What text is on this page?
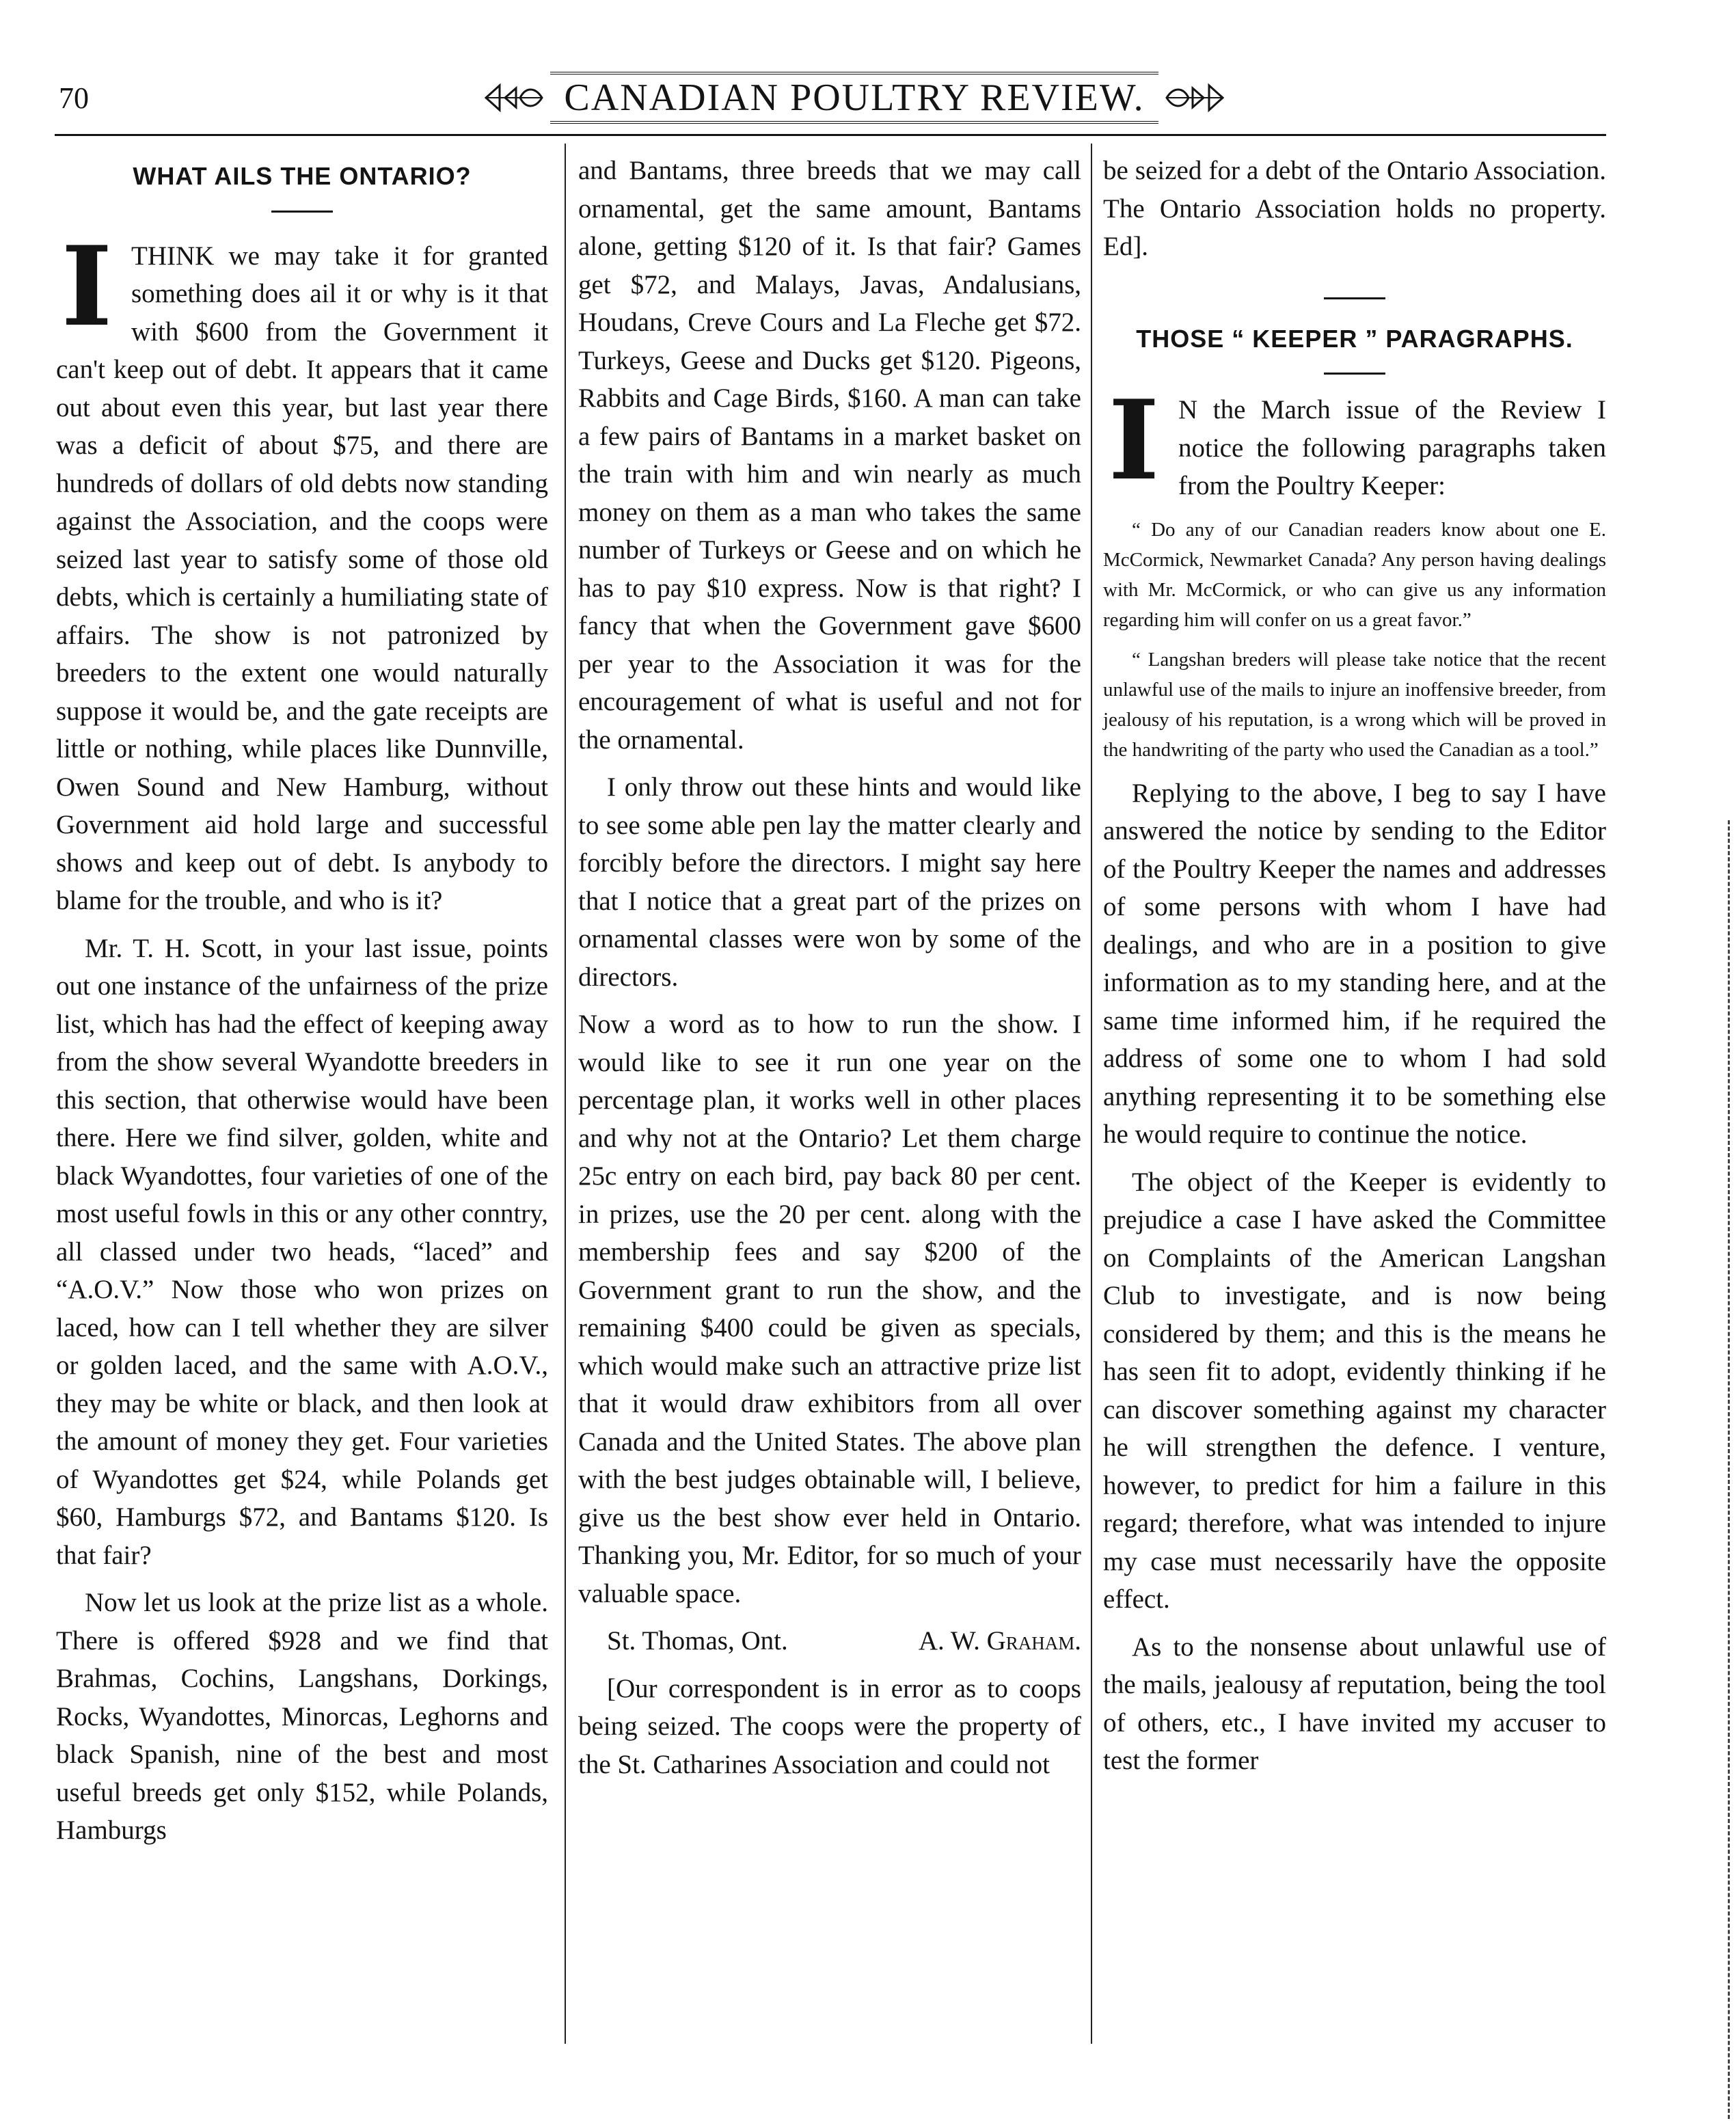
70	CANADIAN POULTRY REVIEW.
WHAT AILS THE ONTARIO?

I THINK we may take it for granted something does ail it or why is it that with $600 from the Government it can't keep out of debt. It appears that it came out about even this year, but last year there was a deficit of about $75, and there are hundreds of dollars of old debts now standing against the Association, and the coops were seized last year to satisfy some of those old debts, which is certainly a humiliating state of affairs. The show is not patronized by breeders to the extent one would naturally suppose it would be, and the gate receipts are little or nothing, while places like Dunnville, Owen Sound and New Hamburg, without Government aid hold large and successful shows and keep out of debt. Is anybody to blame for the trouble, and who is it?

Mr. T. H. Scott, in your last issue, points out one instance of the unfairness of the prize list, which has had the effect of keeping away from the show several Wyandotte breeders in this section, that otherwise would have been there. Here we find silver, golden, white and black Wyandottes, four varieties of one of the most useful fowls in this or any other conntry, all classed under two heads, “laced” and “A.O.V.” Now those who won prizes on laced, how can I tell whether they are silver or golden laced, and the same with A.O.V., they may be white or black, and then look at the amount of money they get. Four varieties of Wyandottes get $24, while Polands get $60, Hamburgs $72, and Bantams $120. Is that fair?

Now let us look at the prize list as a whole. There is offered $928 and we find that Brahmas, Cochins, Langshans, Dorkings, Rocks, Wyandottes, Minorcas, Leghorns and black Spanish, nine of the best and most useful breeds get only $152, while Polands, Hamburgs

and Bantams, three breeds that we may call ornamental, get the same amount, Bantams alone, getting $120 of it. Is that fair? Games get $72, and Malays, Javas, Andalusians, Houdans, Creve Cours and La Fleche get $72. Turkeys, Geese and Ducks get $120. Pigeons, Rabbits and Cage Birds, $160. A man can take a few pairs of Bantams in a market basket on the train with him and win nearly as much money on them as a man who takes the same number of Turkeys or Geese and on which he has to pay $10 express. Now is that right? I fancy that when the Government gave $600 per year to the Association it was for the encouragement of what is useful and not for the ornamental.

I only throw out these hints and would like to see some able pen lay the matter clearly and forcibly before the directors. I might say here that I notice that a great part of the prizes on ornamental classes were won by some of the directors.

Now a word as to how to run the show. I would like to see it run one year on the percentage plan, it works well in other places and why not at the Ontario? Let them charge 25c entry on each bird, pay back 80 per cent. in prizes, use the 20 per cent. along with the membership fees and say $200 of the Government grant to run the show, and the remaining $400 could be given as specials, which would make such an attractive prize list that it would draw exhibitors from all over Canada and the United States. The above plan with the best judges obtainable will, I believe, give us the best show ever held in Ontario. Thanking you, Mr. Editor, for so much of your valuable space.

St. Thomas, Ont.	A. W. Graham.

[Our correspondent is in error as to coops being seized. The coops were the property of the St. Catharines Association and could not

be seized for a debt of the Ontario Association. The Ontario Association holds no property. Ed].

THOSE “ KEEPER ” PARAGRAPHS.

I N the March issue of the Review I notice the following paragraphs taken from the Poultry Keeper:

“ Do any of our Canadian readers know about one E. McCormick, Newmarket Canada? Any person having dealings with Mr. McCormick, or who can give us any information regarding him will confer on us a great favor.”

“ Langshan breders will please take notice that the recent unlawful use of the mails to injure an inoffensive breeder, from jealousy of his reputation, is a wrong which will be proved in the handwriting of the party who used the Canadian as a tool.”

Replying to the above, I beg to say I have answered the notice by sending to the Editor of the Poultry Keeper the names and addresses of some persons with whom I have had dealings, and who are in a position to give information as to my standing here, and at the same time informed him, if he required the address of some one to whom I had sold anything representing it to be something else he would require to continue the notice.

The object of the Keeper is evidently to prejudice a case I have asked the Committee on Complaints of the American Langshan Club to investigate, and is now being considered by them; and this is the means he has seen fit to adopt, evidently thinking if he can discover something against my character he will strengthen the defence. I venture, however, to predict for him a failure in this regard; therefore, what was intended to injure my case must necessarily have the opposite effect.

As to the nonsense about unlawful use of the mails, jealousy af reputation, being the tool of others, etc., I have invited my accuser to test the former
